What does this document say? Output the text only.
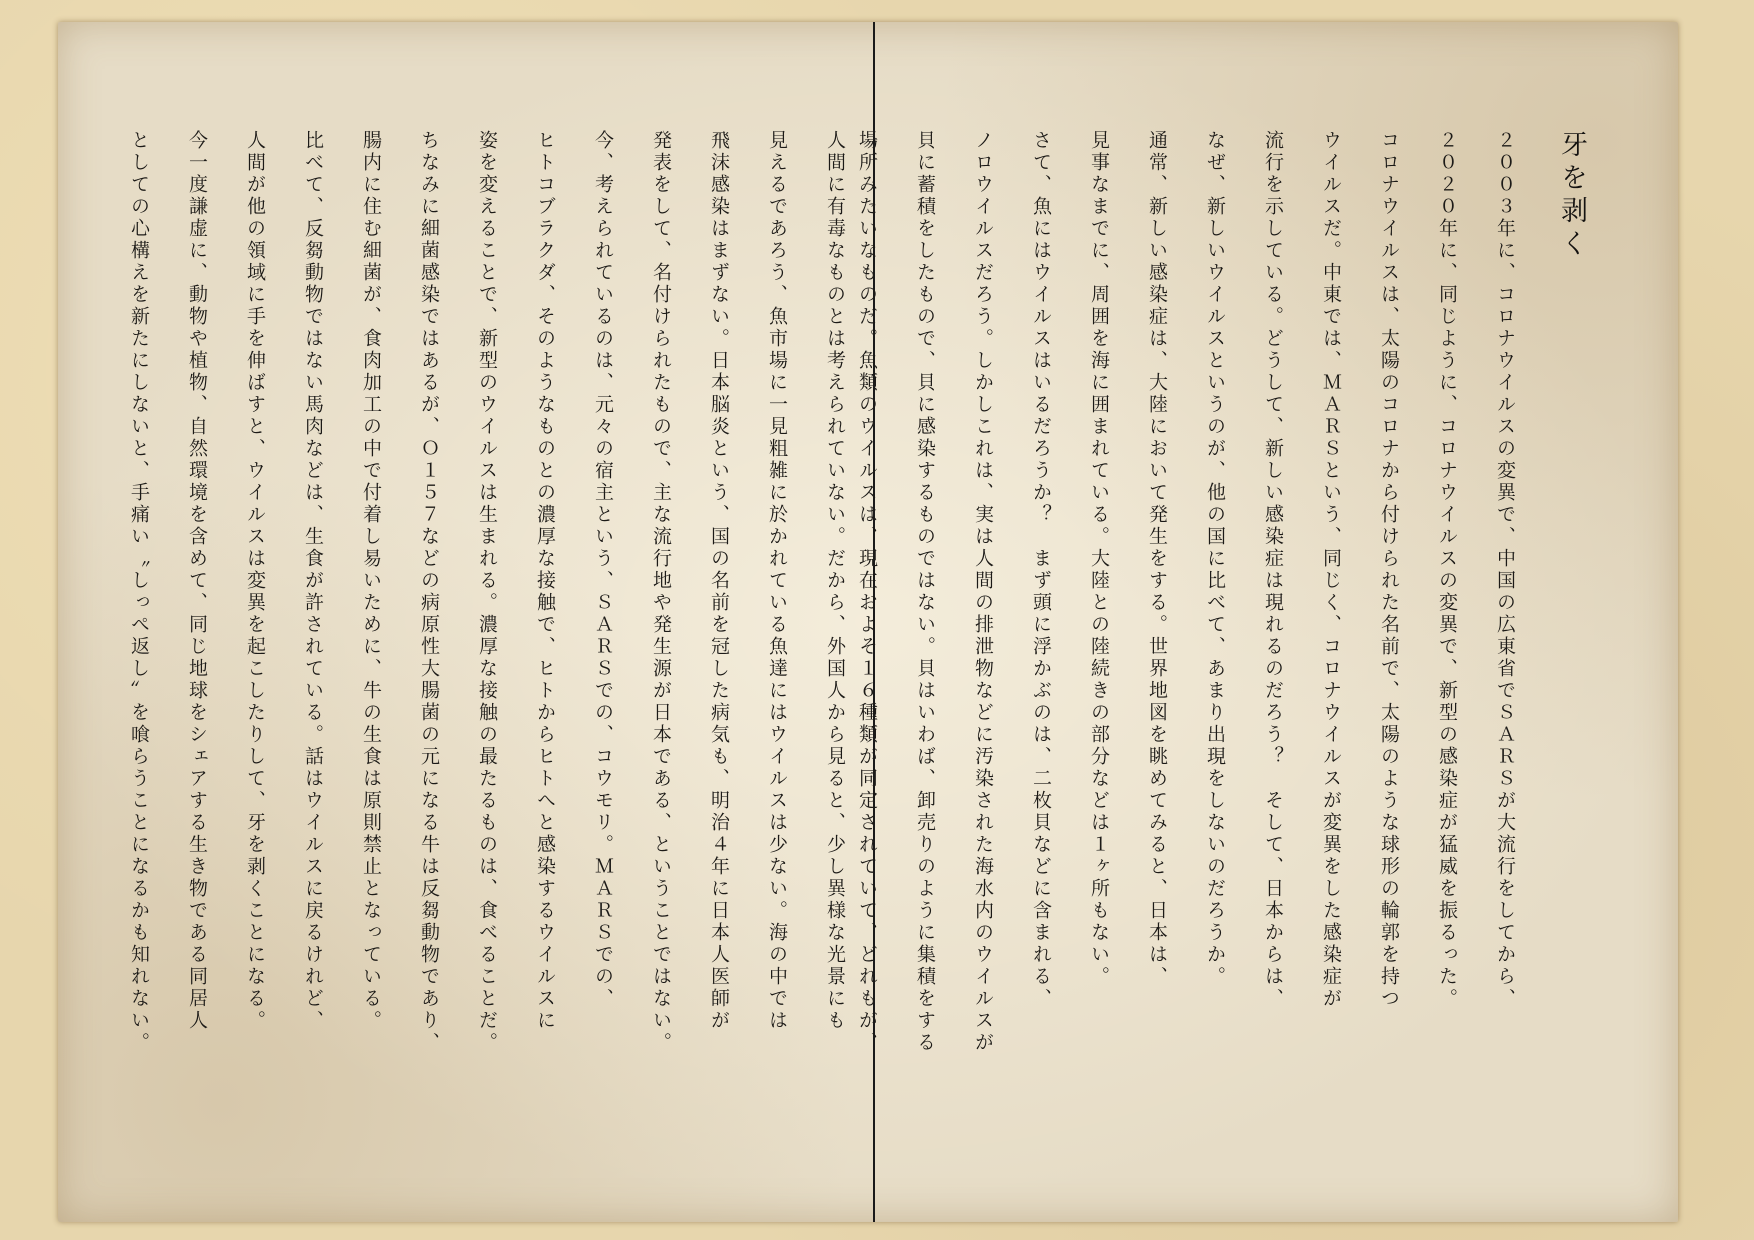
牙を剥く
２００３年に、コロナウイルスの変異で、中国の広東省でＳＡＲＳが大流行をしてから、
２０２０年に、同じように、コロナウイルスの変異で、新型の感染症が猛威を振るった。
コロナウイルスは、太陽のコロナから付けられた名前で、太陽のような球形の輪郭を持つ
ウイルスだ。中東では、ＭＡＲＳという、同じく、コロナウイルスが変異をした感染症が
流行を示している。どうして、新しい感染症は現れるのだろう？　そして、日本からは、
なぜ、新しいウイルスというのが、他の国に比べて、あまり出現をしないのだろうか。
通常、新しい感染症は、大陸において発生をする。世界地図を眺めてみると、日本は、
見事なまでに、周囲を海に囲まれている。大陸との陸続きの部分などは１ヶ所もない。
さて、魚にはウイルスはいるだろうか？　まず頭に浮かぶのは、二枚貝などに含まれる、
ノロウイルスだろう。しかしこれは、実は人間の排泄物などに汚染された海水内のウイルスが
貝に蓄積をしたもので、貝に感染するものではない。貝はいわば、卸売りのように集積をする
場所みたいなものだ。魚類のウイルスは、現在およそ１６種類が同定されていて、どれもが、
人間に有毒なものとは考えられていない。だから、外国人から見ると、少し異様な光景にも
見えるであろう、魚市場に一見粗雑に於かれている魚達にはウイルスは少ない。海の中では
飛沫感染はまずない。日本脳炎という、国の名前を冠した病気も、明治４年に日本人医師が
発表をして、名付けられたもので、主な流行地や発生源が日本である、ということではない。
今、考えられているのは、元々の宿主という、ＳＡＲＳでの、コウモリ。ＭＡＲＳでの、
ヒトコブラクダ、そのようなものとの濃厚な接触で、ヒトからヒトへと感染するウイルスに
姿を変えることで、新型のウイルスは生まれる。濃厚な接触の最たるものは、食べることだ。
ちなみに細菌感染ではあるが、Ｏ１５７などの病原性大腸菌の元になる牛は反芻動物であり、
腸内に住む細菌が、食肉加工の中で付着し易いために、牛の生食は原則禁止となっている。
比べて、反芻動物ではない馬肉などは、生食が許されている。話はウイルスに戻るけれど、
人間が他の領域に手を伸ばすと、ウイルスは変異を起こしたりして、牙を剥くことになる。
今一度謙虚に、動物や植物、自然環境を含めて、同じ地球をシェアする生き物である同居人
としての心構えを新たにしないと、手痛い〝しっぺ返し〟を喰らうことになるかも知れない。
